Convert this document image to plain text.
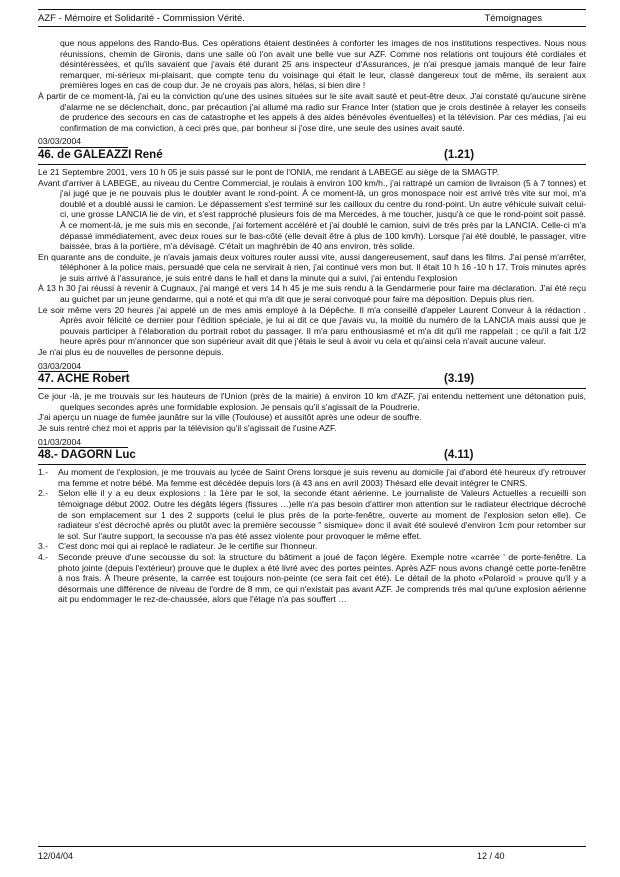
AZF - Mémoire et Solidarité - Commission Vérité.	Témoignages

que nous appelons des Rando-Bus. Ces opérations étaient destinées à conforter les images de nos institutions respectives. Nous nous réunissions, chemin de Gironis, dans une salle où l'on avait une belle vue sur AZF. Comme nos relations ont toujours été cordiales et désintéressées, et qu'ils savaient que j'avais été durant 25 ans inspecteur d'Assurances, je n'ai presque jamais manqué de leur faire remarquer, mi-sérieux mi-plaisant, que compte tenu du voisinage qui était le leur, classé dangereux tout de même, ils seraient aux premières loges en cas de coup dur. Je ne croyais pas alors, hélas, si bien dire !

À partir de ce moment-là, j'ai eu la conviction qu'une des usines situées sur le site avait sauté et peut-être deux. J'ai constaté qu'aucune sirène d'alarme ne se déclenchait, donc, par précaution j'ai allumé ma radio sur France Inter (station que je crois destinée à relayer les conseils de prudence des secours en cas de catastrophe et les appels à des aides bénévoles éventuelles) et la télévision. Par ces médias, j'ai eu confirmation de ma conviction, à ceci près que, par bonheur si j'ose dire, une seule des usines avait sauté.

03/03/2004
46. de GALEAZZI René	(1.21)

Le 21 Septembre 2001, vers 10 h 05 je suis passé sur le pont de l'ONIA, me rendant à LABEGE au siège de la SMAGTP.

Avant d'arriver à LABEGE, au niveau du Centre Commercial, je roulais à environ 100 km/h., j'ai rattrapé un camion de livraison (5 à 7 tonnes) et j'ai jugé que je ne pouvais plus le doubler avant le rond-point. À ce moment-là, un gros monospace noir est arrivé très vite sur moi, m'a doublé et a doublé aussi le camion. Le dépassement s'est terminé sur les cailloux du centre du rond-point. Un autre véhicule suivait celui-ci, une grosse LANCIA lie de vin, et s'est rapproché plusieurs fois de ma Mercedes, à me toucher, jusqu'à ce que le rond-point soit passé. À ce moment-là, je me suis mis en seconde, j'ai fortement accéléré et j'ai doublé le camion, suivi de très près par la LANCIA. Celle-ci m'a dépassé immédiatement, avec deux roues sur le bas-côté (elle devait être à plus de 100 km/h). Lorsque j'ai été doublé, le passager, vitre baissée, bras à la portière, m'a dévisagé. C'était un maghrébin de 40 ans environ, très solide.

En quarante ans de conduite, je n'avais jamais deux voitures rouler aussi vite, aussi dangereusement, sauf dans les films. J'ai pensé m'arrêter, téléphoner à la police mais, persuadé que cela ne servirait à rien, j'ai continué vers mon but. Il était 10 h 16 -10 h 17. Trois minutes après je suis arrivé à l'assurance, je suis entré dans le hall et dans la minute qui a suivi, j'ai entendu l'explosion

À 13 h 30 j'ai réussi à revenir à Cugnaux, j'ai mangé et vers 14 h 45 je me suis rendu à la Gendarmerie pour faire ma déclaration. J'ai été reçu au guichet par un jeune gendarme, qui a noté et qui m'a dit que je serai convoqué pour faire ma déposition. Depuis plus rien.

Le soir même vers 20 heures j'ai appelé un de mes amis employé à la Dépêche. Il m'a conseillé d'appeler Laurent Conveur à la rédaction . Après avoir félicité ce dernier pour l'édition spéciale, je lui ai dit ce que j'avais vu, la moitié du numéro de la LANCIA mais aussi que je pouvais participer à l'élaboration du portrait robot du passager. Il m'a paru enthousiasmé et m'a dit qu'il me rappelait ; ce qu'il a fait 1/2 heure après pour m'annoncer que son supérieur avait dit que j'étais le seul à avoir vu cela et qu'ainsi cela n'avait aucune valeur.

Je n'ai plus eu de nouvelles de personne depuis.

03/03/2004
47. ACHE Robert	(3.19)

Ce jour -là, je me trouvais sur les hauteurs de l'Union (près de la mairie) à environ 10 km d'AZF, j'ai entendu nettement une détonation puis, quelques secondes après une formidable explosion. Je pensais qu'il s'agissait de la Poudrerie.

J'ai aperçu un nuage de fumée jaunâtre sur la ville (Toulouse) et aussitôt après une odeur de souffre.

Je suis rentré chez moi et appris par la télévision qu'il s'agissait de l'usine AZF.

01/03/2004
48.- DAGORN Luc	(4.11)

1.- Au moment de l'explosion, je me trouvais au lycée de Saint Orens lorsque je suis revenu au domicile j'ai d'abord été heureux d'y retrouver ma femme et notre bébé. Ma femme est décédée depuis lors (à 43 ans en avril 2003) Thésard elle devait intégrer le CNRS.

2.- Selon elle il y a eu deux explosions : la 1ère par le sol, la seconde étant aérienne. Le journaliste de Valeurs Actuelles a recueilli son témoignage début 2002. Outre les dégâts légers (fissures …)elle n'a pas besoin d'attirer mon attention sur le radiateur électrique décroché de son emplacement sur 1 des 2 supports (celui le plus près de la porte-fenêtre, ouverte au moment de l'explosion selon elle). Ce radiateur s'est décroché après ou plutôt avec la première secousse " sismique» donc il avait été soulevé d'environ 1cm pour retomber sur le sol. Sur l'autre support, la secousse n'a pas été assez violente pour provoquer le même effet.

3.- C'est donc moi qui ai replacé le radiateur. Je le certifie sur l'honneur.

4.- Seconde preuve d'une secousse du sol: la structure du bâtiment a joué de façon légère. Exemple notre «carrée ' de porte-fenêtre. La photo jointe (depuis l'extérieur) prouve que le duplex a été livré avec des portes peintes. Après AZF nous avons changé cette porte-fenêtre à nos frais. À l'heure présente, la carrée est toujours non-peinte (ce sera fait cet été). Le détail de la photo «Polaroïd » prouve qu'il y a désormais une différence de niveau de l'ordre de 8 mm, ce qui n'existait pas avant AZF. Je comprends très mal qu'une explosion aérienne ait pu endommager le rez-de-chaussée, alors que l'étage n'a pas souffert …

12/04/04	12 / 40
